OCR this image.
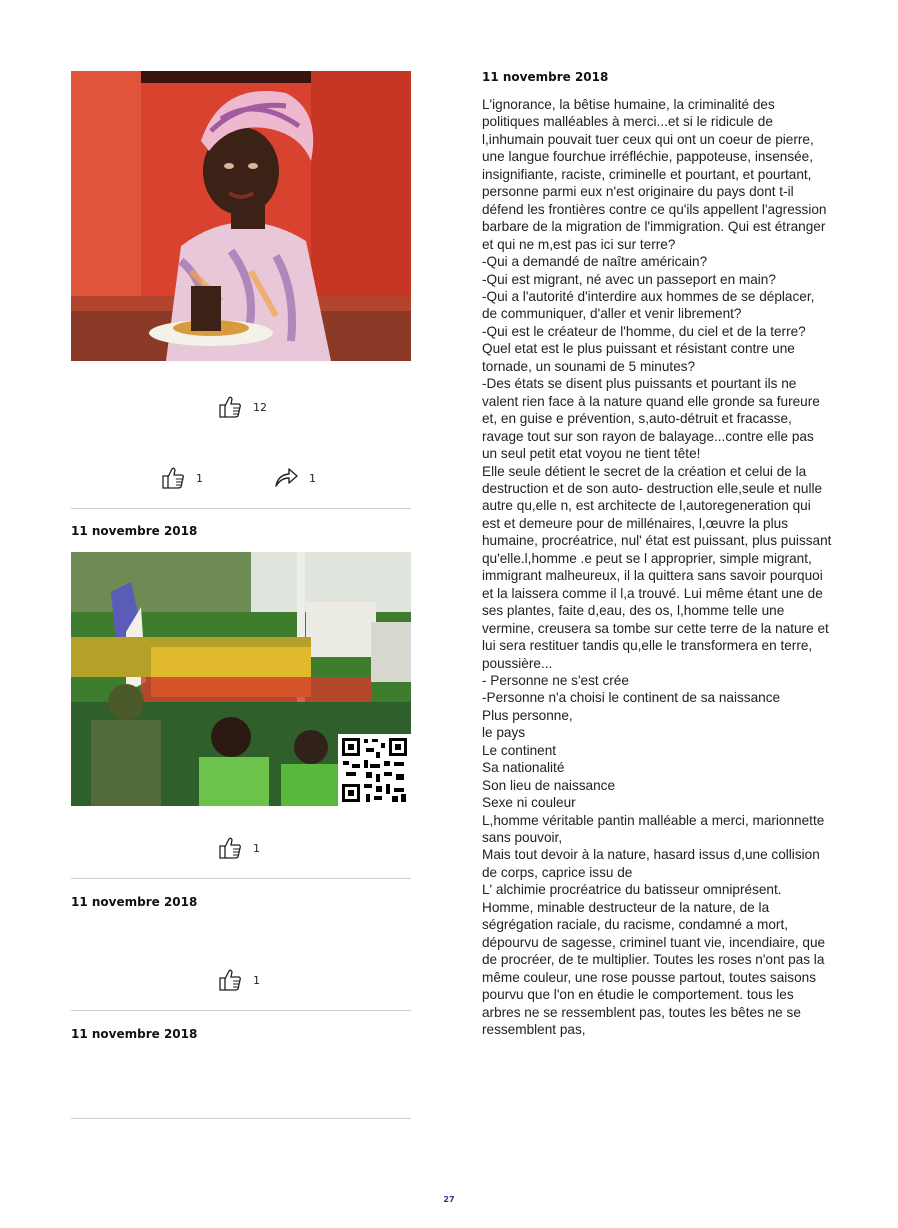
12
1	1
11 novembre 2018
1
11 novembre 2018
1
11 novembre 2018
11 novembre 2018

L'ignorance, la bêtise humaine, la criminalité des politiques malléables à merci...et si le ridicule de l,inhumain pouvait tuer ceux qui ont un coeur de pierre, une langue fourchue irréfléchie, pappoteuse, insensée, insignifiante, raciste, criminelle et pourtant, et pourtant, personne parmi eux n'est originaire du pays dont t-il défend les frontières contre ce qu'ils appellent l'agression barbare de la migration de l'immigration. Qui est étranger et qui ne m,est pas ici sur terre?
-Qui a demandé de naître américain?
-Qui est migrant, né avec un passeport en main?
-Qui a l'autorité d'interdire aux hommes de se déplacer, de communiquer, d'aller et venir librement?
-Qui est le créateur de l'homme, du ciel et de la terre?
Quel etat est le plus puissant et résistant contre une tornade, un sounami de 5 minutes?
-Des états se disent plus puissants et pourtant ils ne valent rien face à la nature quand elle gronde sa fureure et, en guise e prévention, s,auto-détruit et fracasse, ravage tout sur son rayon de balayage...contre elle pas un seul petit etat voyou ne tient tête!
Elle seule détient le secret de la création et celui de la destruction et de son auto- destruction elle,seule et nulle autre qu,elle n, est architecte de l,autoregeneration qui est et demeure pour de millénaires, l,œuvre la plus humaine, procréatrice, nul' état est puissant, plus puissant qu'elle.l,homme .e peut se l approprier, simple migrant, immigrant malheureux, il la quittera sans savoir pourquoi et la laissera comme il l,a trouvé. Lui même étant une de ses plantes, faite d,eau, des os, l,homme telle une vermine, creusera sa tombe sur cette terre de la nature et lui sera restituer tandis qu,elle le transformera en terre, poussière...
- Personne ne s'est crée
-Personne n'a choisi le continent de sa naissance
Plus personne,
le pays
Le continent
Sa nationalité
Son lieu de naissance
Sexe ni couleur
L,homme véritable pantin malléable a merci, marionnette sans pouvoir,
Mais tout devoir à la nature, hasard issus d,une collision de corps, caprice issu de
L' alchimie procréatrice du batisseur omniprésent. Homme, minable destructeur de la nature, de la ségrégation raciale, du racisme, condamné a mort, dépourvu de sagesse, criminel tuant vie, incendiaire, que de procréer, de te multiplier. Toutes les roses n'ont pas la même couleur, une rose pousse partout, toutes saisons pourvu que l'on en étudie le comportement. tous les arbres ne se ressemblent pas, toutes les bêtes ne se ressemblent pas,

27
